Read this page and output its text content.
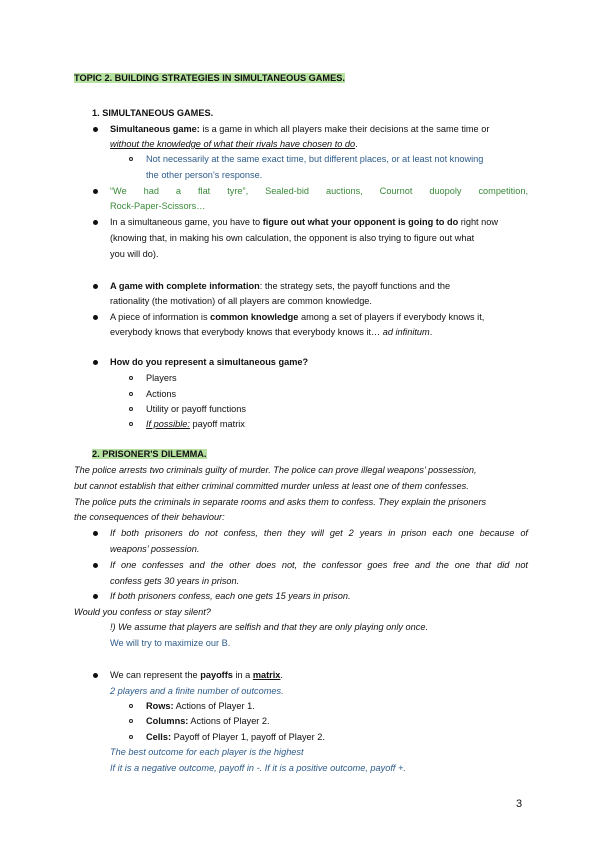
TOPIC 2. BUILDING STRATEGIES IN SIMULTANEOUS GAMES.
1. SIMULTANEOUS GAMES.
Simultaneous game: is a game in which all players make their decisions at the same time or
without the knowledge of what their rivals have chosen to do.
Not necessarily at the same exact time, but different places, or at least not knowing
the other person’s response.
“We had a flat tyre”, Sealed-bid auctions, Cournot duopoly competition,
Rock-Paper-Scissors…
In a simultaneous game, you have to figure out what your opponent is going to do right now
(knowing that, in making his own calculation, the opponent is also trying to figure out what
you will do).
A game with complete information: the strategy sets, the payoff functions and the
rationality (the motivation) of all players are common knowledge.
A piece of information is common knowledge among a set of players if everybody knows it,
everybody knows that everybody knows that everybody knows it… ad infinitum.
How do you represent a simultaneous game?
Players
Actions
Utility or payoff functions
If possible: payoff matrix
2. PRISONER'S DILEMMA.
The police arrests two criminals guilty of murder. The police can prove illegal weapons’ possession,
but cannot establish that either criminal committed murder unless at least one of them confesses.
The police puts the criminals in separate rooms and asks them to confess. They explain the prisoners
the consequences of their behaviour:
If both prisoners do not confess, then they will get 2 years in prison each one because of
weapons’ possession.
If one confesses and the other does not, the confessor goes free and the one that did not
confess gets 30 years in prison.
If both prisoners confess, each one gets 15 years in prison.
Would you confess or stay silent?
!) We assume that players are selfish and that they are only playing only once.
We will try to maximize our B.
We can represent the payoffs in a matrix.
2 players and a finite number of outcomes.
Rows: Actions of Player 1.
Columns: Actions of Player 2.
Cells: Payoff of Player 1, payoff of Player 2.
The best outcome for each player is the highest
If it is a negative outcome, payoff in -. If it is a positive outcome, payoff +.
3
